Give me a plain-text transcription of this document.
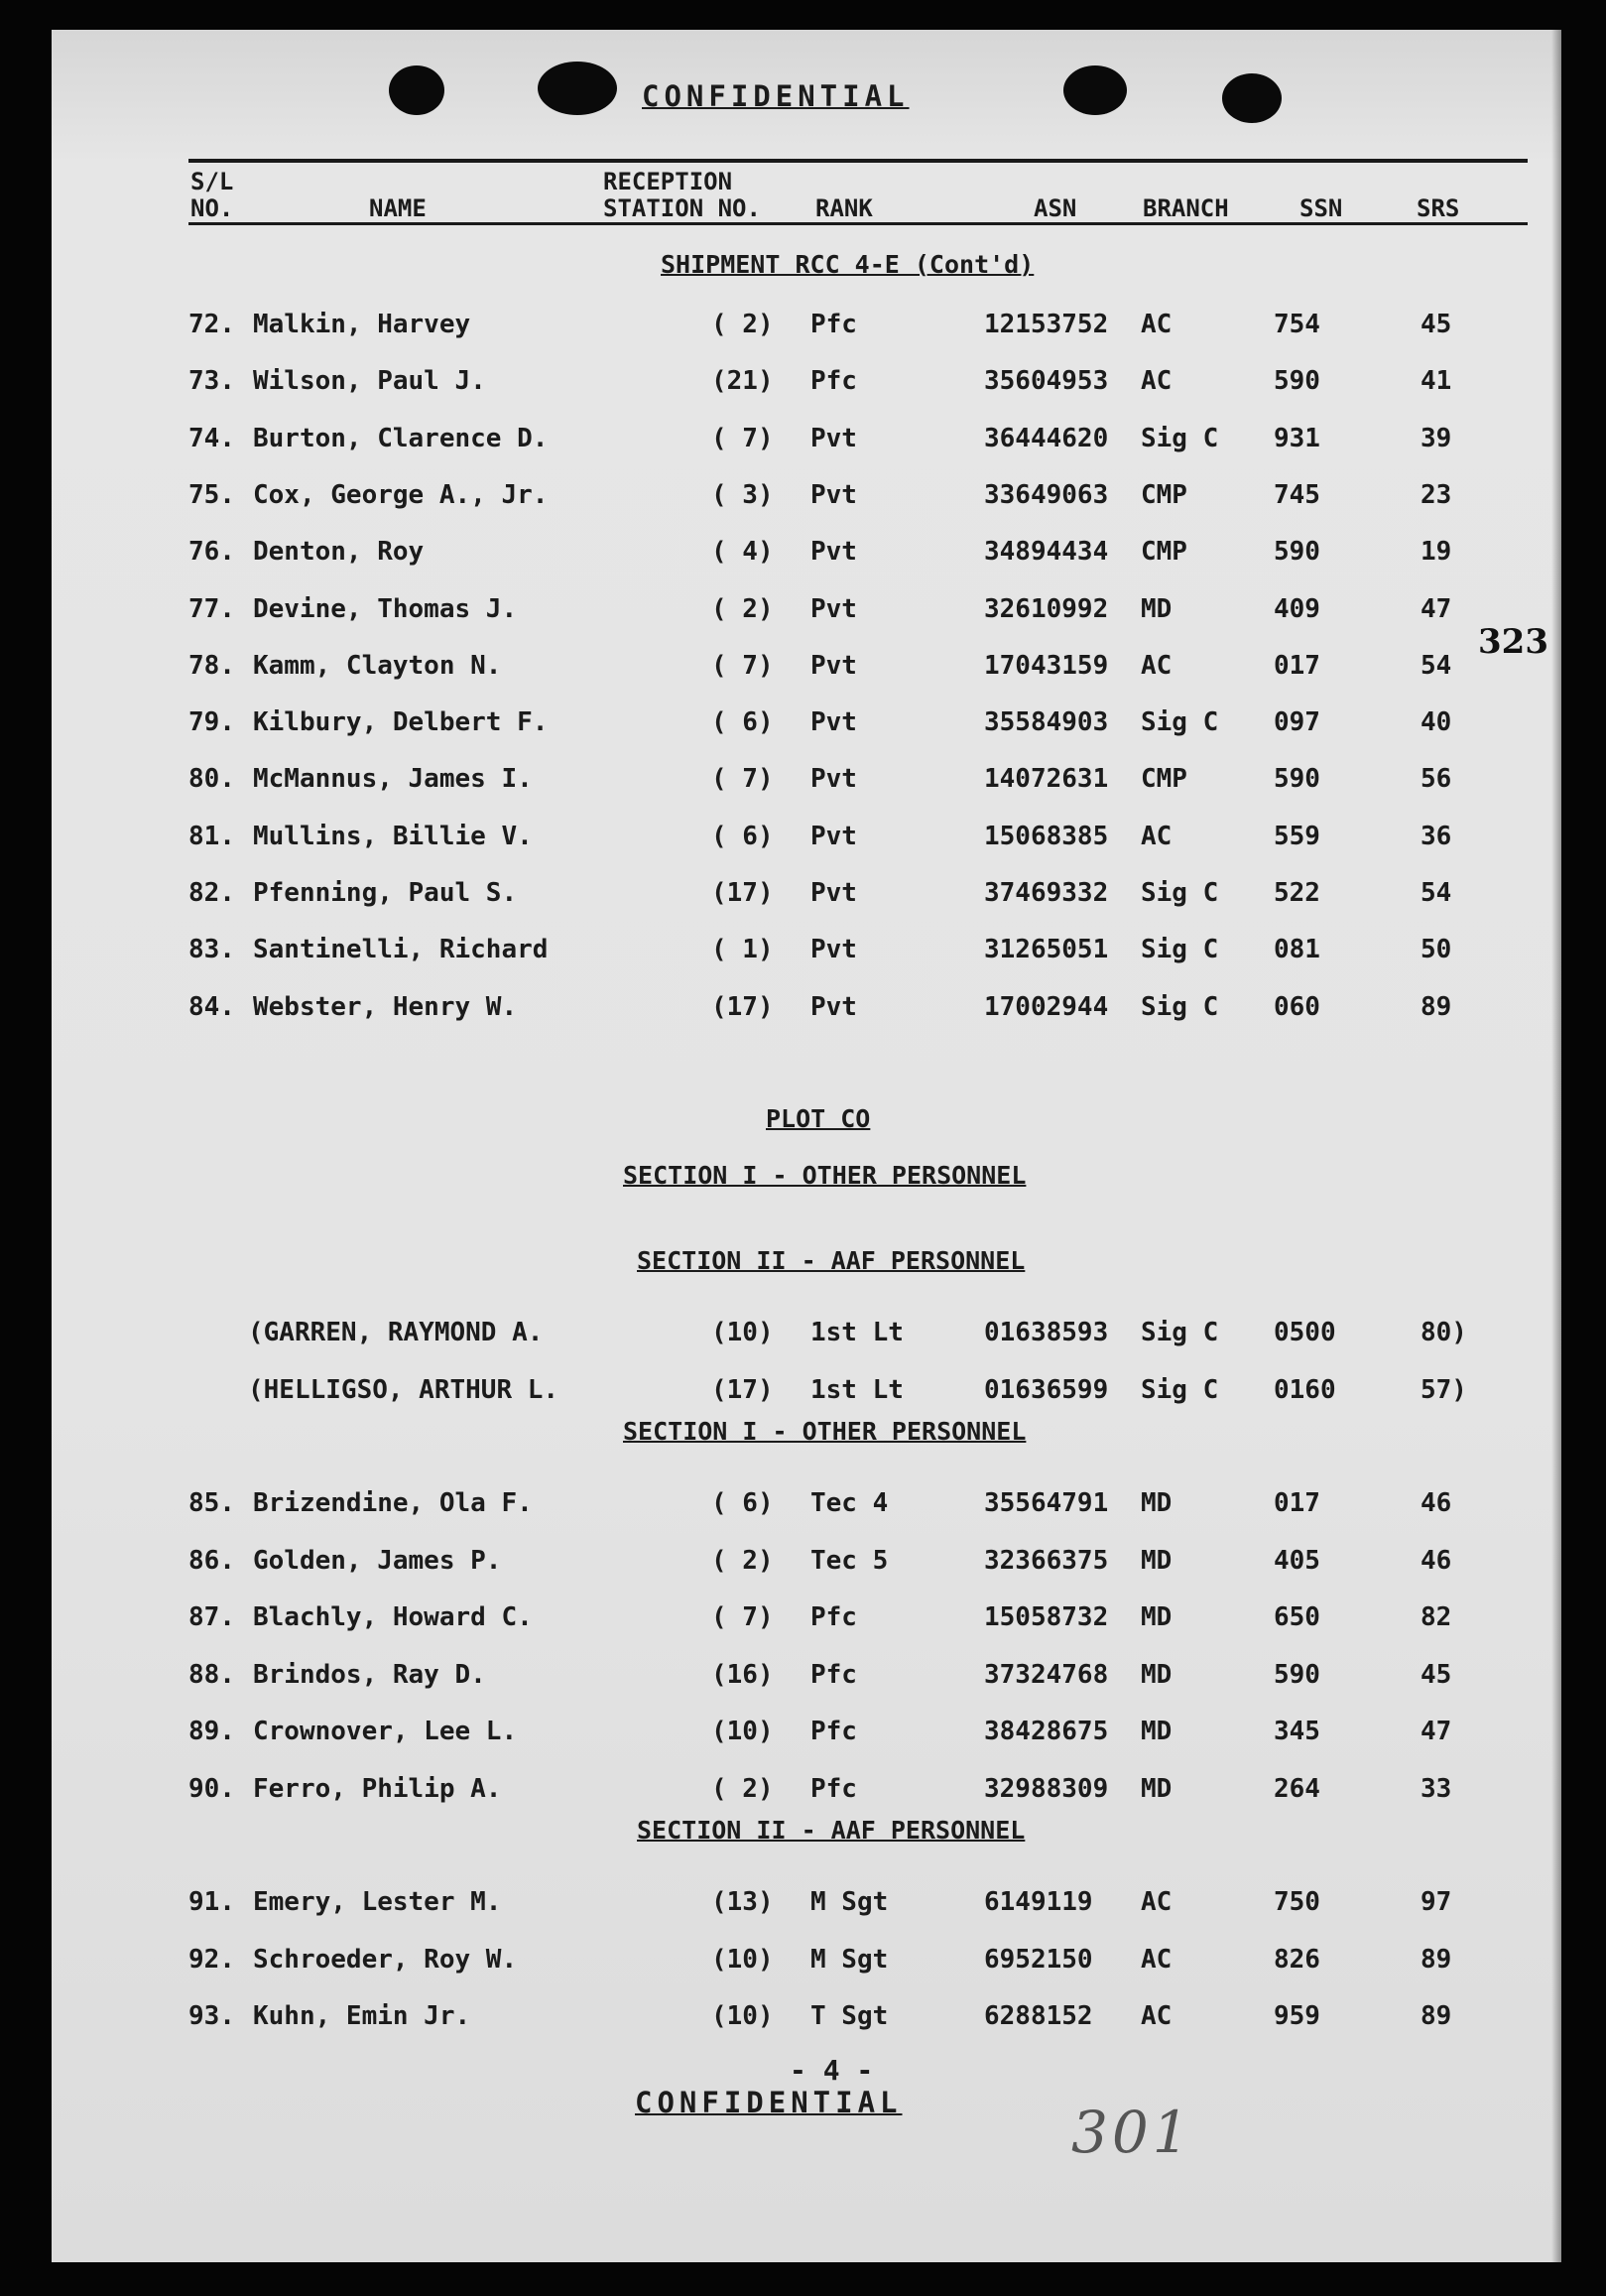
CONFIDENTIAL
S/L
NO.	NAME
RECEPTION
STATION NO. RANK	ASN	BRANCH	SSN	SRS
323
SHIPMENT RCC 4-E (Cont'd)
72. Malkin, Harvey	( 2) Pfc	12153752 AC	754	45
73. Wilson, Paul J.	(21) Pfc	35604953 AC	590	41
74. Burton, Clarence D.	( 7) Pvt	36444620 Sig C 931	39
75. Cox, George A., Jr.	( 3) Pvt	33649063 CMP	745	23
76. Denton, Roy	( 4) Pvt	34894434 CMP	590	19
77. Devine, Thomas J.	( 2) Pvt	32610992 MD	409	47
78. Kamm, Clayton N.	( 7) Pvt	17043159 AC	017	54
79. Kilbury, Delbert F.	( 6) Pvt	35584903 Sig C 097	40
80. McMannus, James I.	( 7) Pvt	14072631 CMP	590	56
81. Mullins, Billie V.	( 6) Pvt	15068385 AC	559	36
82. Pfenning, Paul S.	(17) Pvt	37469332 Sig C 522	54
83. Santinelli, Richard	( 1) Pvt	31265051 Sig C 081	50
84. Webster, Henry W.	(17) Pvt	17002944 Sig C 060	89
PLOT CO
SECTION I - OTHER PERSONNEL
SECTION II - AAF PERSONNEL
(GARREN, RAYMOND A.	(10) 1st Lt	01638593 Sig C 0500	80)
(HELLIGSO, ARTHUR L.	(17) 1st Lt	01636599 Sig C 0160	57)
SECTION I - OTHER PERSONNEL
85. Brizendine, Ola F.	( 6) Tec 4	35564791 MD	017	46
86. Golden, James P.	( 2) Tec 5	32366375 MD	405	46
87. Blachly, Howard C.	( 7) Pfc	15058732 MD	650	82
88. Brindos, Ray D.	(16) Pfc	37324768 MD	590	45
89. Crownover, Lee L.	(10) Pfc	38428675 MD	345	47
90. Ferro, Philip A.	( 2) Pfc	32988309 MD	264	33
SECTION II - AAF PERSONNEL
91. Emery, Lester M.	(13) M Sgt	6149119 AC	750	97
92. Schroeder, Roy W.	(10) M Sgt	6952150 AC	826	89
93. Kuhn, Emin Jr.	(10) T Sgt	6288152 AC	959	89
- 4 -
CONFIDENTIAL	301
